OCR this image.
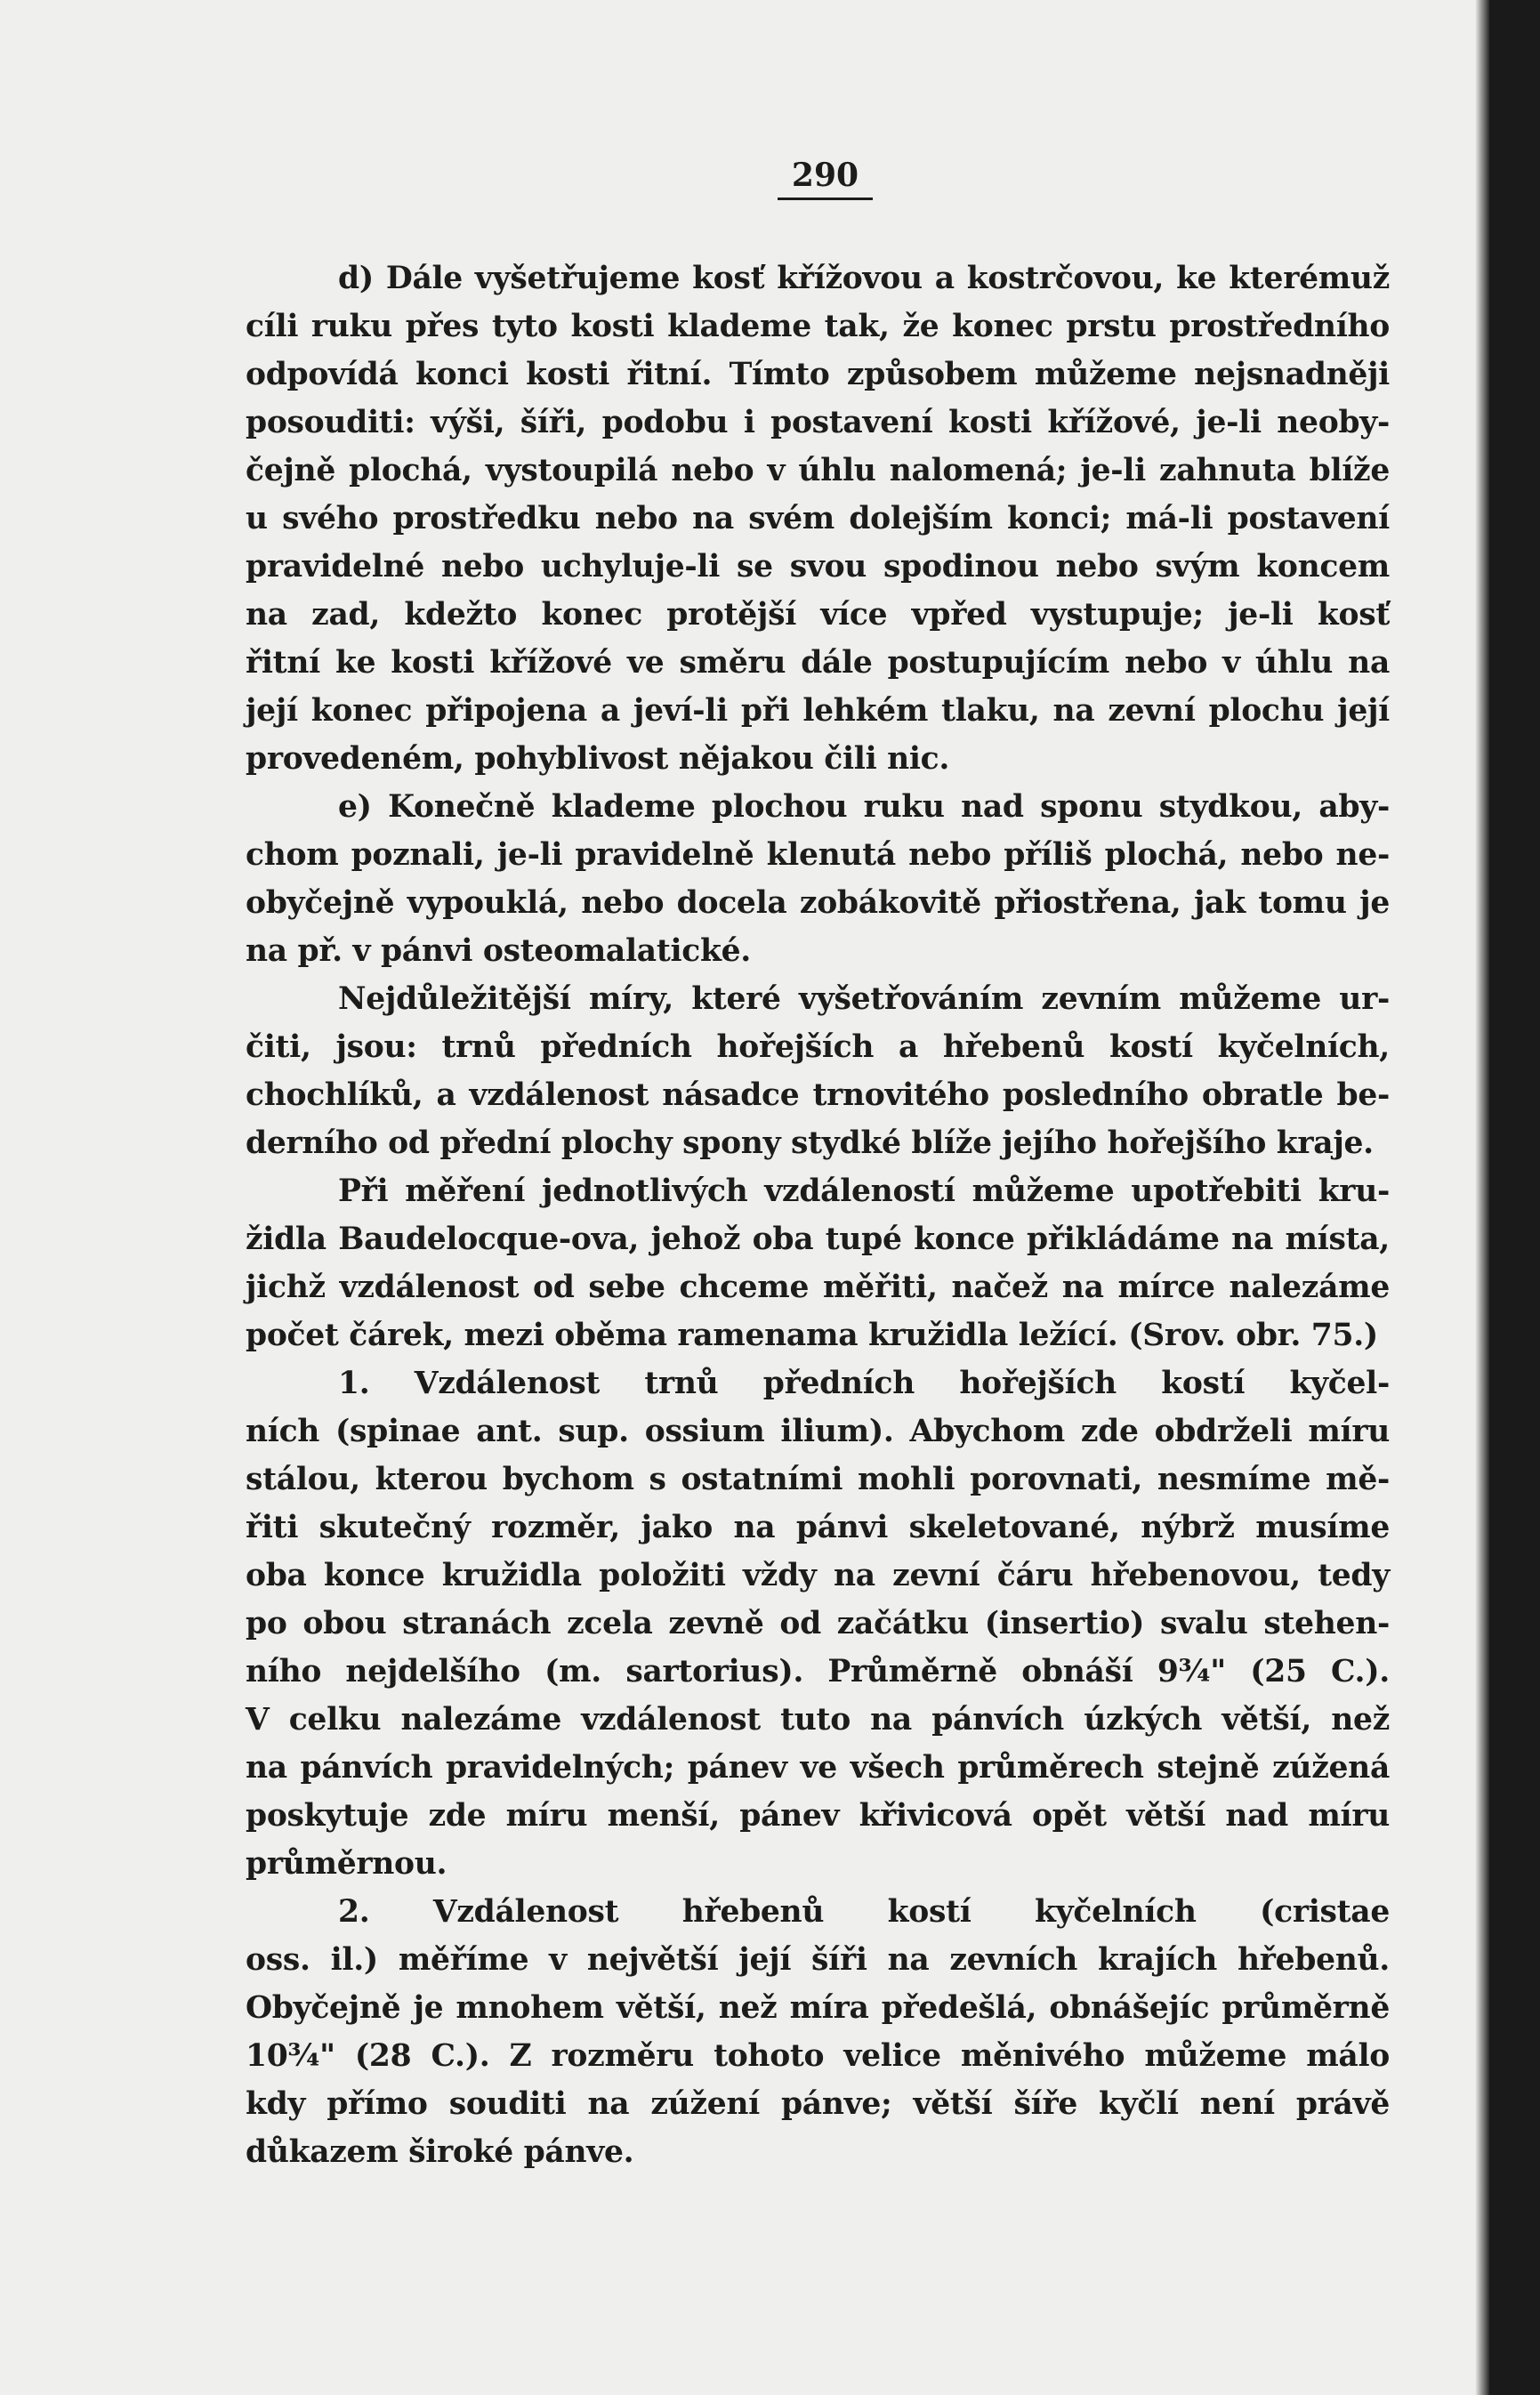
290
d) Dále vyšetřujeme kosť křížovou a kostrčovou, ke kterémuž
cíli ruku přes tyto kosti klademe tak, že konec prstu prostředního
odpovídá konci kosti řitní. Tímto způsobem můžeme nejsnadněji
posouditi: výši, šíři, podobu i postavení kosti křížové, je-li neoby-
čejně plochá, vystoupilá nebo v úhlu nalomená; je-li zahnuta blíže
u svého prostředku nebo na svém dolejším konci; má-li postavení
pravidelné nebo uchyluje-li se svou spodinou nebo svým koncem
na zad, kdežto konec protější více vpřed vystupuje; je-li kosť
řitní ke kosti křížové ve směru dále postupujícím nebo v úhlu na
její konec připojena a jeví-li při lehkém tlaku, na zevní plochu její
provedeném, pohyblivost nějakou čili nic.
e) Konečně klademe plochou ruku nad sponu stydkou, aby-
chom poznali, je-li pravidelně klenutá nebo příliš plochá, nebo ne-
obyčejně vypouklá, nebo docela zobákovitě přiostřena, jak tomu je
na př. v pánvi osteomalatické.
Nejdůležitější míry, které vyšetřováním zevním můžeme ur-
čiti, jsou: trnů předních hořejších a hřebenů kostí kyčelních,
chochlíků, a vzdálenost násadce trnovitého posledního obratle be-
derního od přední plochy spony stydké blíže jejího hořejšího kraje.
Při měření jednotlivých vzdáleností můžeme upotřebiti kru-
židla Baudelocque-ova, jehož oba tupé konce přikládáme na místa,
jichž vzdálenost od sebe chceme měřiti, načež na mírce nalezáme
počet čárek, mezi oběma ramenama kružidla ležící. (Srov. obr. 75.)
1. Vzdálenost trnů předních hořejších kostí kyčel-
ních (spinae ant. sup. ossium ilium). Abychom zde obdrželi míru
stálou, kterou bychom s ostatními mohli porovnati, nesmíme mě-
řiti skutečný rozměr, jako na pánvi skeletované, nýbrž musíme
oba konce kružidla položiti vždy na zevní čáru hřebenovou, tedy
po obou stranách zcela zevně od začátku (insertio) svalu stehen-
ního nejdelšího (m. sartorius). Průměrně obnáší 9¾" (25 C.).
V celku nalezáme vzdálenost tuto na pánvích úzkých větší, než
na pánvích pravidelných; pánev ve všech průměrech stejně zúžená
poskytuje zde míru menší, pánev křivicová opět větší nad míru
průměrnou.
2. Vzdálenost hřebenů kostí kyčelních (cristae
oss. il.) měříme v největší její šíři na zevních krajích hřebenů.
Obyčejně je mnohem větší, než míra předešlá, obnášejíc průměrně
10¾" (28 C.). Z rozměru tohoto velice měnivého můžeme málo
kdy přímo souditi na zúžení pánve; větší šíře kyčlí není právě
důkazem široké pánve.
